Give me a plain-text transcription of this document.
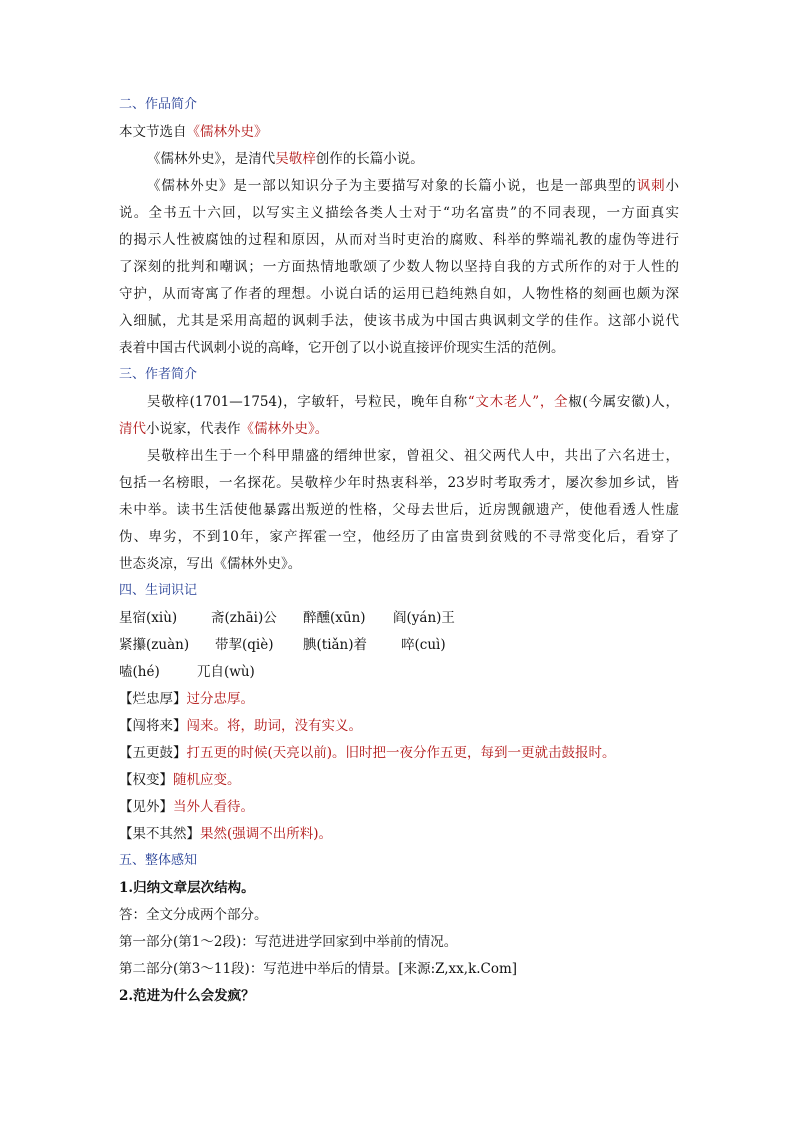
二、作品简介
本文节选自《儒林外史》
《儒林外史》，是清代吴敬梓创作的长篇小说。
《儒林外史》是一部以知识分子为主要描写对象的长篇小说，也是一部典型的讽刺小
说。全书五十六回，以写实主义描绘各类人士对于“功名富贵”的不同表现，一方面真实
的揭示人性被腐蚀的过程和原因，从而对当时吏治的腐败、科举的弊端礼教的虚伪等进行
了深刻的批判和嘲讽；一方面热情地歌颂了少数人物以坚持自我的方式所作的对于人性的
守护，从而寄寓了作者的理想。小说白话的运用已趋纯熟自如，人物性格的刻画也颇为深
入细腻，尤其是采用高超的讽刺手法，使该书成为中国古典讽刺文学的佳作。这部小说代
表着中国古代讽刺小说的高峰，它开创了以小说直接评价现实生活的范例。
三、作者简介
吴敬梓(1701—1754)，字敏轩，号粒民，晚年自称“文木老人”，全椒(今属安徽)人，
清代小说家，代表作《儒林外史》。
吴敬梓出生于一个科甲鼎盛的缙绅世家，曾祖父、祖父两代人中，共出了六名进士，
包括一名榜眼，一名探花。吴敬梓少年时热衷科举，23岁时考取秀才，屡次参加乡试，皆
未中举。读书生活使他暴露出叛逆的性格，父母去世后，近房觊觎遗产，使他看透人性虚
伪、卑劣，不到10年，家产挥霍一空，他经历了由富贵到贫贱的不寻常变化后，看穿了
世态炎凉，写出《儒林外史》。
四、生词识记
星宿(xiù)	斋(zhāi)公 醉醺(xūn) 阎(yán)王
紧攥(zuàn) 带挈(qiè) 腆(tiǎn)着	啐(cuì)
嗑(hé)	兀自(wù)
【烂忠厚】过分忠厚。
【闯将来】闯来。将，助词，没有实义。
【五更鼓】打五更的时候(天亮以前)。旧时把一夜分作五更，每到一更就击鼓报时。
【权变】随机应变。
【见外】当外人看待。
【果不其然】果然(强调不出所料)。
五、整体感知
1.归纳文章层次结构。
答：全文分成两个部分。
第一部分(第1～2段)：写范进进学回家到中举前的情况。
第二部分(第3～11段)：写范进中举后的情景。[来源:Z,xx,k.Com]
2.范进为什么会发疯？
